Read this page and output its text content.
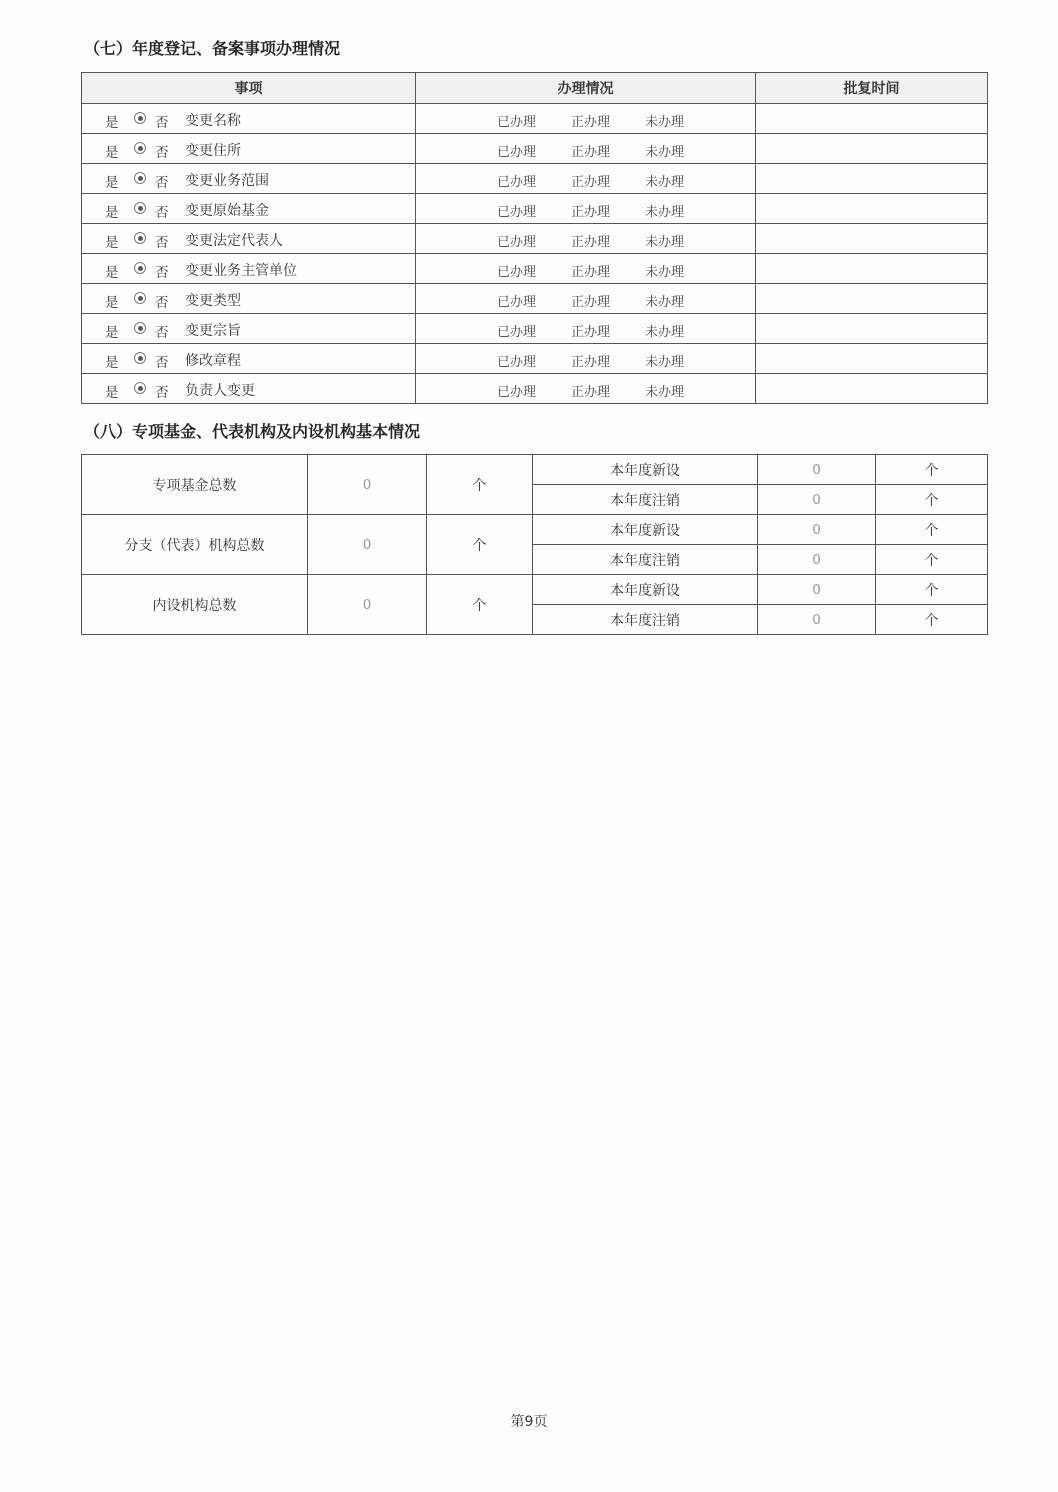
（七）年度登记、备案事项办理情况
事项	办理情况	批复时间

是 否 变更名称	已办理 正办理 未办理	

是 否 变更住所	已办理 正办理 未办理	

是 否 变更业务范围	已办理 正办理 未办理	

是 否 变更原始基金	已办理 正办理 未办理	

是 否 变更法定代表人	已办理 正办理 未办理	

是 否 变更业务主管单位	已办理 正办理 未办理	

是 否 变更类型	已办理 正办理 未办理	

是 否 变更宗旨	已办理 正办理 未办理	

是 否 修改章程	已办理 正办理 未办理	

是 否 负责人变更	已办理 正办理 未办理	

（八）专项基金、代表机构及内设机构基本情况
专项基金总数	0	个	本年度新设	0	个
			本年度注销	0	个
分支（代表）机构总数	0	个	本年度新设	0	个
			本年度注销	0	个
内设机构总数	0	个	本年度新设	0	个
			本年度注销	0	个
第9页
